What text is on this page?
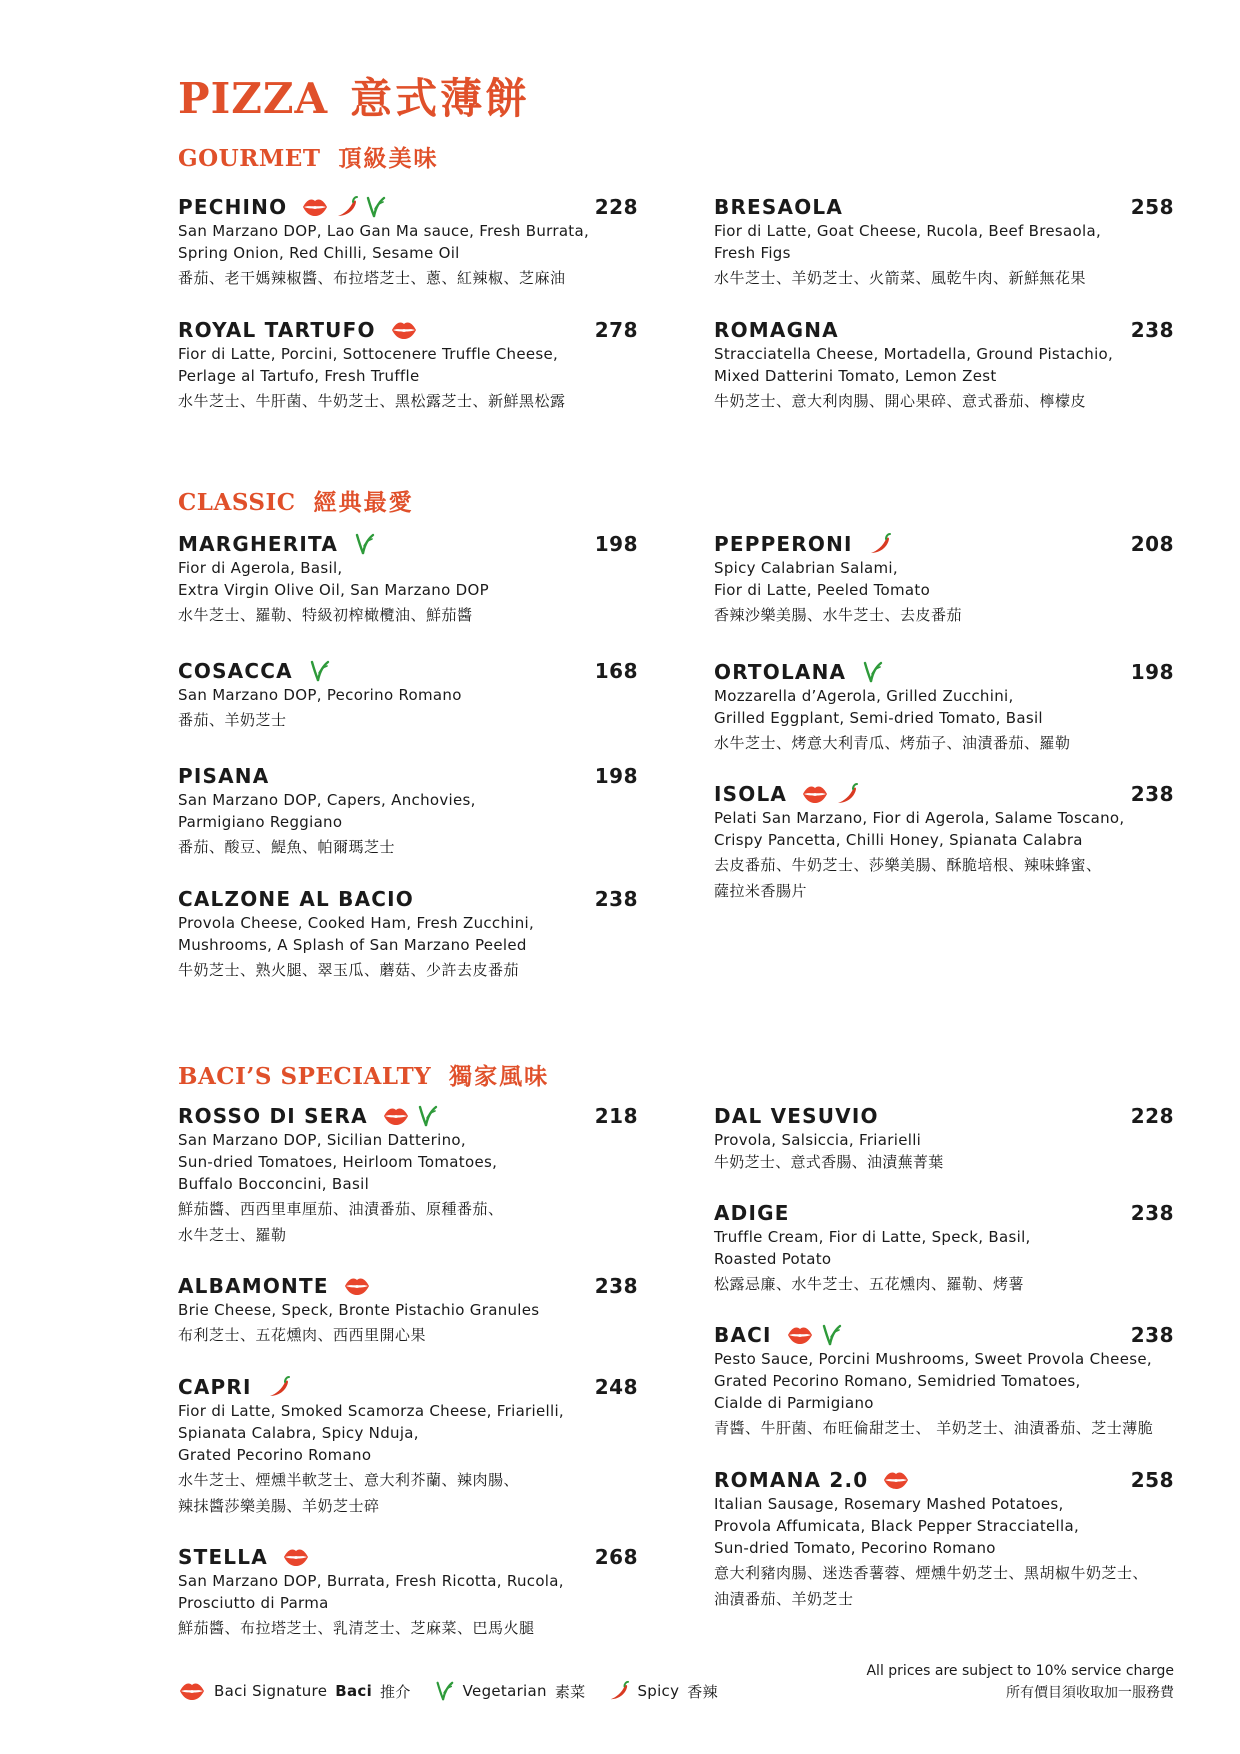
PIZZA 意式薄餅
GOURMET 頂級美味
CLASSIC 經典最愛
BACI’S SPECIALTY 獨家風味
PECHINO	228
San Marzano DOP, Lao Gan Ma sauce, Fresh Burrata,
Spring Onion, Red Chilli, Sesame Oil
番茄、老干媽辣椒醬、布拉塔芝士、蔥、紅辣椒、芝麻油
ROYAL TARTUFO	278
Fior di Latte, Porcini, Sottocenere Truffle Cheese,
Perlage al Tartufo, Fresh Truffle
水牛芝士、牛肝菌、牛奶芝士、黑松露芝士、新鮮黑松露
BRESAOLA	258
Fior di Latte, Goat Cheese, Rucola, Beef Bresaola,
Fresh Figs
水牛芝士、羊奶芝士、火箭菜、風乾牛肉、新鮮無花果
ROMAGNA	238
Stracciatella Cheese, Mortadella, Ground Pistachio,
Mixed Datterini Tomato, Lemon Zest
牛奶芝士、意大利肉腸、開心果碎、意式番茄、檸檬皮
MARGHERITA	198
Fior di Agerola, Basil,
Extra Virgin Olive Oil, San Marzano DOP
水牛芝士、羅勒、特級初榨橄欖油、鮮茄醬
COSACCA	168
San Marzano DOP, Pecorino Romano
番茄、羊奶芝士
PISANA	198
San Marzano DOP, Capers, Anchovies,
Parmigiano Reggiano
番茄、酸豆、鯷魚、帕爾瑪芝士
CALZONE AL BACIO	238
Provola Cheese, Cooked Ham, Fresh Zucchini,
Mushrooms, A Splash of San Marzano Peeled
牛奶芝士、熟火腿、翠玉瓜、蘑菇、少許去皮番茄
PEPPERONI	208
Spicy Calabrian Salami,
Fior di Latte, Peeled Tomato
香辣沙樂美腸、水牛芝士、去皮番茄
ORTOLANA	198
Mozzarella d’Agerola, Grilled Zucchini,
Grilled Eggplant, Semi-dried Tomato, Basil
水牛芝士、烤意大利青瓜、烤茄子、油漬番茄、羅勒
ISOLA	238
Pelati San Marzano, Fior di Agerola, Salame Toscano,
Crispy Pancetta, Chilli Honey, Spianata Calabra
去皮番茄、牛奶芝士、莎樂美腸、酥脆培根、辣味蜂蜜、
薩拉米香腸片
ROSSO DI SERA	218
San Marzano DOP, Sicilian Datterino,
Sun-dried Tomatoes, Heirloom Tomatoes,
Buffalo Bocconcini, Basil
鮮茄醬、西西里車厘茄、油漬番茄、原種番茄、
水牛芝士、羅勒
ALBAMONTE	238
Brie Cheese, Speck, Bronte Pistachio Granules
布利芝士、五花燻肉、西西里開心果
CAPRI	248
Fior di Latte, Smoked Scamorza Cheese, Friarielli,
Spianata Calabra, Spicy Nduja,
Grated Pecorino Romano
水牛芝士、煙燻半軟芝士、意大利芥蘭、辣肉腸、
辣抹醬莎樂美腸、羊奶芝士碎
STELLA	268
San Marzano DOP, Burrata, Fresh Ricotta, Rucola,
Prosciutto di Parma
鮮茄醬、布拉塔芝士、乳清芝士、芝麻菜、巴馬火腿
DAL VESUVIO	228
Provola, Salsiccia, Friarielli
牛奶芝士、意式香腸、油漬蕪菁葉
ADIGE	238
Truffle Cream, Fior di Latte, Speck, Basil,
Roasted Potato
松露忌廉、水牛芝士、五花燻肉、羅勒、烤薯
BACI	238
Pesto Sauce, Porcini Mushrooms, Sweet Provola Cheese,
Grated Pecorino Romano, Semidried Tomatoes,
Cialde di Parmigiano
青醬、牛肝菌、布旺倫甜芝士、 羊奶芝士、油漬番茄、芝士薄脆
ROMANA 2.0	258
Italian Sausage, Rosemary Mashed Potatoes,
Provola Affumicata, Black Pepper Stracciatella,
Sun-dried Tomato, Pecorino Romano
意大利豬肉腸、迷迭香薯蓉、煙燻牛奶芝士、黑胡椒牛奶芝士、
油漬番茄、羊奶芝士
Baci Signature Baci 推介	Vegetarian 素菜	Spicy 香辣
All prices are subject to 10% service charge
所有價目須收取加一服務費
